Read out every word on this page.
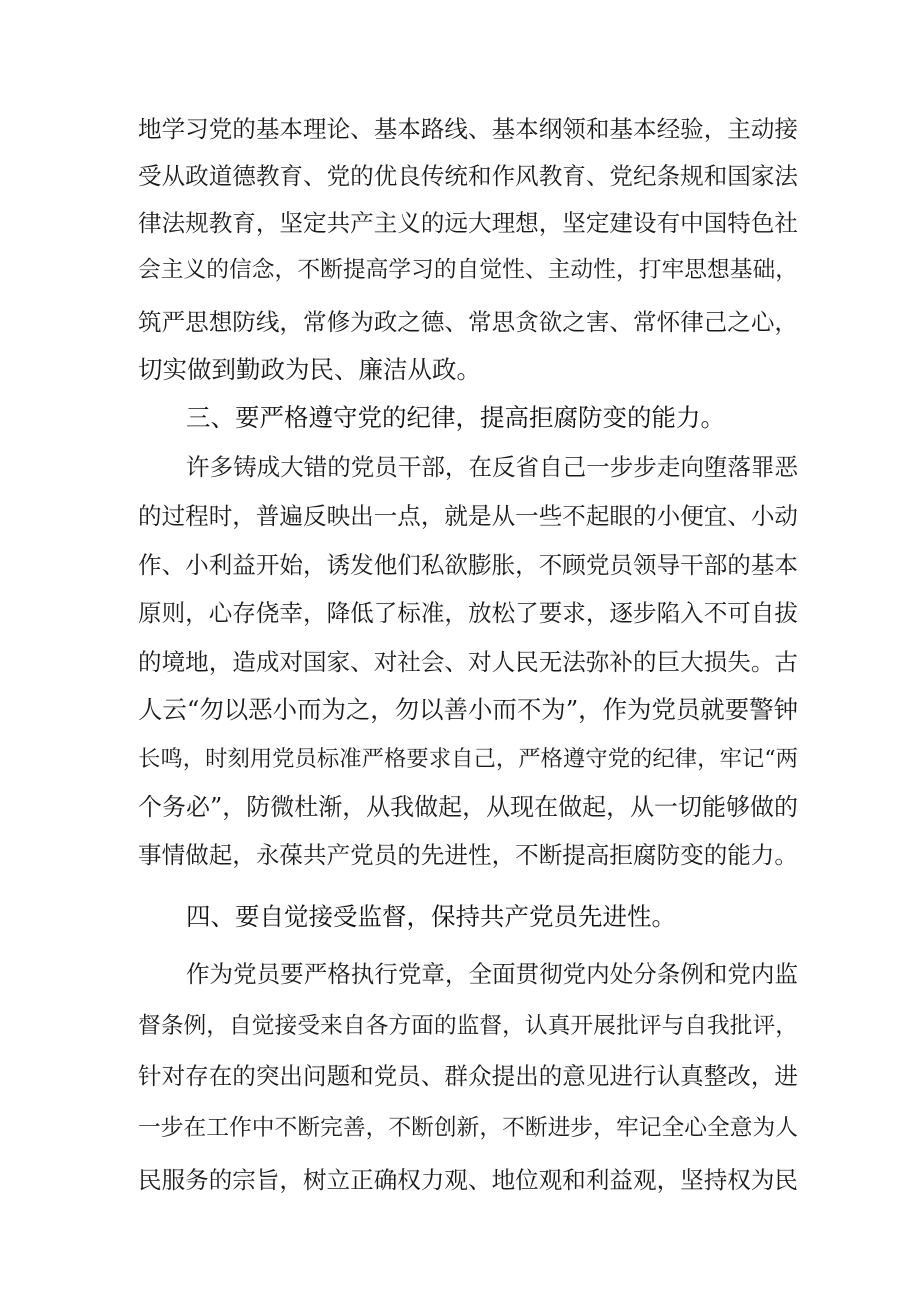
地学习党的基本理论、基本路线、基本纲领和基本经验，主动接
受从政道德教育、党的优良传统和作风教育、党纪条规和国家法
律法规教育，坚定共产主义的远大理想，坚定建设有中国特色社
会主义的信念，不断提高学习的自觉性、主动性，打牢思想基础，
筑严思想防线，常修为政之德、常思贪欲之害、常怀律己之心，
切实做到勤政为民、廉洁从政。
三、要严格遵守党的纪律，提高拒腐防变的能力。
许多铸成大错的党员干部，在反省自己一步步走向堕落罪恶
的过程时，普遍反映出一点，就是从一些不起眼的小便宜、小动
作、小利益开始，诱发他们私欲膨胀，不顾党员领导干部的基本
原则，心存侥幸，降低了标准，放松了要求，逐步陷入不可自拔
的境地，造成对国家、对社会、对人民无法弥补的巨大损失。古
人云“勿以恶小而为之，勿以善小而不为”，作为党员就要警钟
长鸣，时刻用党员标准严格要求自己，严格遵守党的纪律，牢记“两
个务必”，防微杜渐，从我做起，从现在做起，从一切能够做的
事情做起，永葆共产党员的先进性，不断提高拒腐防变的能力。
四、要自觉接受监督，保持共产党员先进性。
作为党员要严格执行党章，全面贯彻党内处分条例和党内监
督条例，自觉接受来自各方面的监督，认真开展批评与自我批评，
针对存在的突出问题和党员、群众提出的意见进行认真整改，进
一步在工作中不断完善，不断创新，不断进步，牢记全心全意为人
民服务的宗旨，树立正确权力观、地位观和利益观，坚持权为民
